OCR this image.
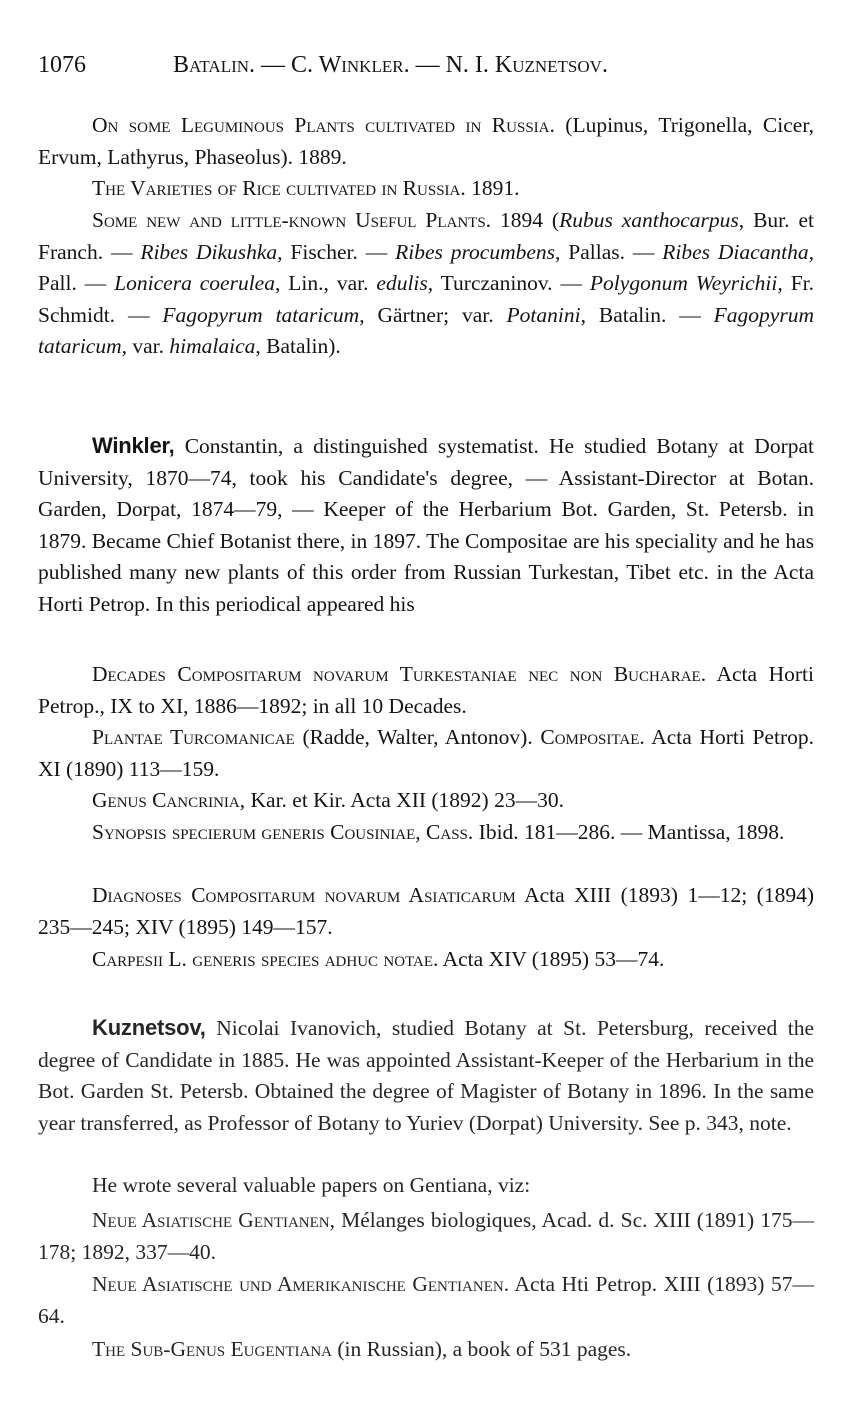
1076	Batalin. — C. Winkler. — N. I. Kuznetsov.

On some Leguminous Plants cultivated in Russia. (Lupinus, Trigonella, Cicer, Ervum, Lathyrus, Phaseolus). 1889.

The Varieties of Rice cultivated in Russia. 1891.

Some new and little-known Useful Plants. 1894 (Rubus xanthocarpus, Bur. et Franch. — Ribes Dikushka, Fischer. — Ribes procumbens, Pallas. — Ribes Diacantha, Pall. — Lonicera coerulea, Lin., var. edulis, Turczaninov. — Polygonum Weyrichii, Fr. Schmidt. — Fagopyrum tataricum, Gärtner; var. Potanini, Batalin. — Fagopyrum tataricum, var. himalaica, Batalin).

Winkler, Constantin, a distinguished systematist. He studied Botany at Dorpat University, 1870—74, took his Candidate's degree, — Assistant-Director at Botan. Garden, Dorpat, 1874—79, — Keeper of the Herbarium Bot. Garden, St. Petersb. in 1879. Became Chief Botanist there, in 1897. The Compositae are his speciality and he has published many new plants of this order from Russian Turkestan, Tibet etc. in the Acta Horti Petrop. In this periodical appeared his

Decades Compositarum novarum Turkestaniae nec non Bucharae. Acta Horti Petrop., IX to XI, 1886—1892; in all 10 Decades.

Plantae Turcomanicae (Radde, Walter, Antonov). Compositae. Acta Horti Petrop. XI (1890) 113—159.

Genus Cancrinia, Kar. et Kir. Acta XII (1892) 23—30.

Synopsis specierum generis Cousiniae, Cass. Ibid. 181—286. — Mantissa, 1898.

Diagnoses Compositarum novarum Asiaticarum Acta XIII (1893) 1—12; (1894) 235—245; XIV (1895) 149—157.

Carpesii L. generis species adhuc notae. Acta XIV (1895) 53—74.

Kuznetsov, Nicolai Ivanovich, studied Botany at St. Petersburg, received the degree of Candidate in 1885. He was appointed Assistant-Keeper of the Herbarium in the Bot. Garden St. Petersb. Obtained the degree of Magister of Botany in 1896. In the same year transferred, as Professor of Botany to Yuriev (Dorpat) University. See p. 343, note.

He wrote several valuable papers on Gentiana, viz:

Neue Asiatische Gentianen, Mélanges biologiques, Acad. d. Sc. XIII (1891) 175—178; 1892, 337—40.

Neue Asiatische und Amerikanische Gentianen. Acta Hti Petrop. XIII (1893) 57—64.

The Sub-Genus Eugentiana (in Russian), a book of 531 pages.
